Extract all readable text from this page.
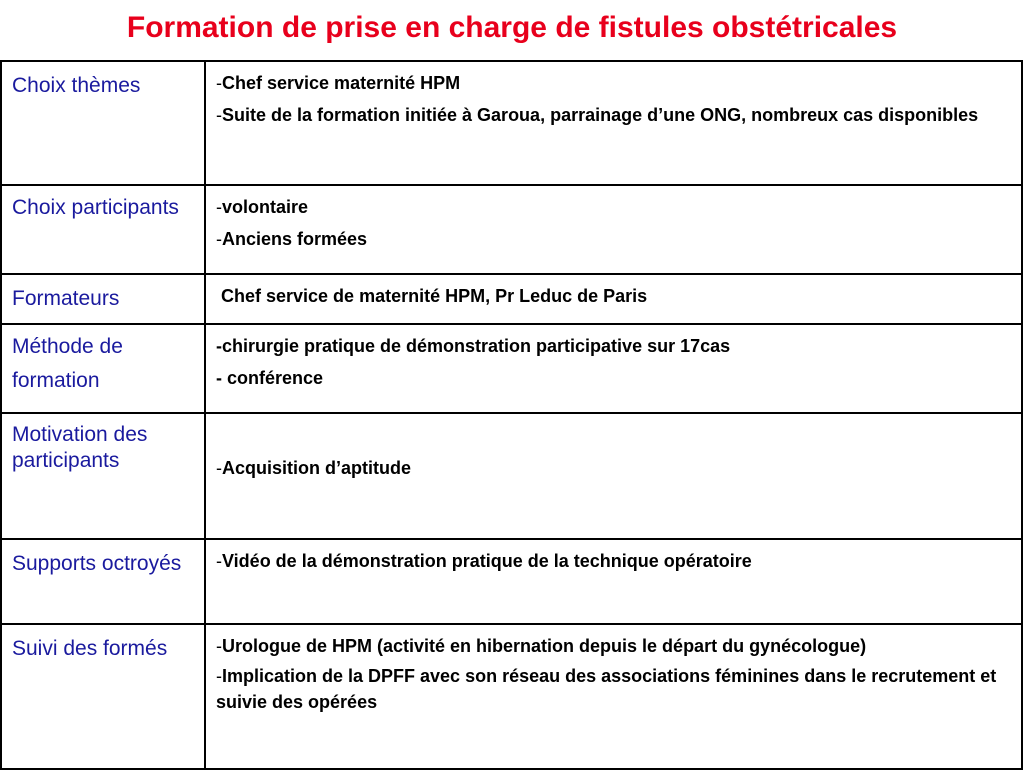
Formation de prise en charge de fistules obstétricales
Choix thèmes	-Chef service maternité HPM
-Suite de la formation initiée à Garoua, parrainage d’une ONG, nombreux cas disponibles

Choix participants	-volontaire
-Anciens formées

Formateurs	Chef service de maternité HPM, Pr Leduc de Paris

Méthode de formation	-chirurgie pratique de démonstration participative sur 17cas
- conférence

Motivation des participants	-Acquisition d’aptitude

Supports octroyés	-Vidéo de la démonstration pratique de la technique opératoire

Suivi des formés	-Urologue de HPM (activité en hibernation depuis le départ du gynécologue)
-Implication de la DPFF avec son réseau des associations féminines dans le recrutement et suivie des opérées
